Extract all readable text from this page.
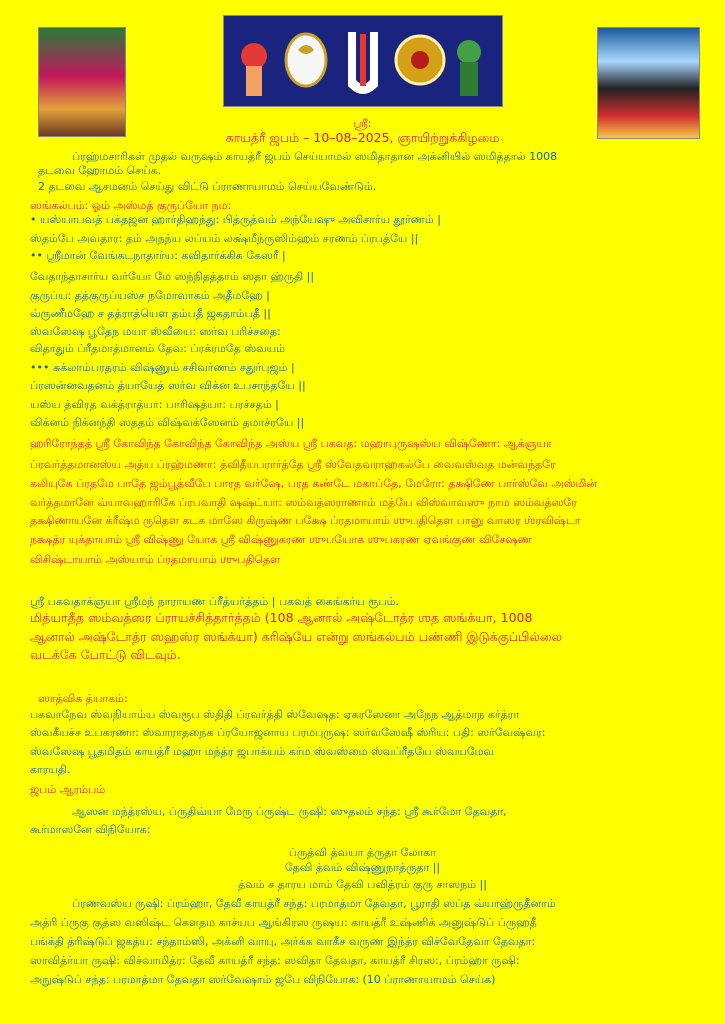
ஸ்ரீ:
காயத்ரீ ஜபம் – 10–08–2025, ஞாயிற்றுக்கிழமை
ப்ரஹ்மசாரிகள் முதல் வருஷம் காயத்ரீ ஜபம் செய்யாமல் ஸமிதாதான அக்னியில் ஸமித்தால் 1008
தடவை ஹோமம் செய்க.
2 தடவை ஆசமனம் செய்து விட்டு ப்ராணாயாமம் செய்யவேண்டும்.
ஸங்கல்பம்: ஓம் அஸ்மத் குருப்யோ நம:
• யஸ்யாபவத் பக்தஜன ஹார்திஹந்து: பித்ருத்வம் அந்யேஷு அவிசார்ய தூர்ணம் |
ஸ்தம்பே அவதார: தம் அநந்ய லப்யம் லக்ஷ்மீந்ருஸிம்ஹம் சரணம் ப்ரபத்யே ||
•• ஸ்ரீமான் வேங்கடநாதார்ய: கவிதார்க்கிக கேஸரீ |
வேதாந்தாசார்ய வர்யோ மே ஸந்நிதத்தாம் ஸதா ஹ்ருதி ||
குருப்ய: தத்குருப்யஸ்ச நமோவாகம் அதீமஹே |
வ்ருணீமஹே ச தத்ராத்யௌ தம்பதீ ஜகதாம்பதீ ||
ஸ்வஸேஷ பூதேந மயா ஸ்வீயை: ஸர்வ பரிச்சதை:
விதாதும் ப்ரீதமாத்மானம் தேவ: ப்ரக்ரமதே ஸ்வயம்
••• சுக்லாம்பரதரம் விஷ்ணும் சசிவர்ணம் சதுர்புஜம் |
ப்ரஸன்னவதனம் த்யாயேத் ஸர்வ விக்ன உபசாந்தயே ||
யஸ்ய த்விரத வக்த்ராத்யா: பாரிஷத்யா: பரச்சதம் |
விக்னம் நிக்னந்தி ஸததம் விஷ்வக்ஸேனம் தமாச்ரயே ||
ஹரிரோந்தத் ஸ்ரீ கோவிந்த கோவிந்த கோவிந்த அஸ்ய ஸ்ரீ பகவத: மஹாபுருஷஸ்ய விஷ்ணோ: ஆக்ஞயா
ப்ரவர்த்தமானஸ்ய அத்ய ப்ரஹ்மணா: த்விதீயபரார்த்தே ஸ்ரீ ஸ்வேதவராஹகல்பே வைவஸ்வத மன்வந்தரே
கலியுகே ப்ரதமே பாதே ஜம்பூத்வீபே பாரத வர்ஷே, பரத கண்டே மகாப்தே, மேரோ: தக்ஷிணே பார்ஸ்வே அஸ்மின்
வர்த்தமானே வ்யாவஹாரிகே ப்ரபவாதி ஷஷ்ட்யா: ஸம்வத்ஸராணாம் மத்யே விஸ்வாவஸு நாம ஸம்வத்ஸரே
தக்ஷிணாயனே க்ரீஷ்ம ருதௌ கடக மாஸே கிருஷ்ண பக்ஷே ப்ரதமாயாம் ஶுபதிதௌ பானு வாஸர ஶ்ரவிஷ்டா
நக்ஷத்ர யுக்தாயாம் ஸ்ரீ விஷ்ணு யோக ஸ்ரீ விஷ்ணுகரண ஶுபயோக ஶுபகரண ஏவங்குண விசேஷண
விசிஷ்டாயாம் அஸ்யாம் ப்ரதமாயாம் ஶுபதிதௌ
ஸ்ரீ பகவதாக்ஞயா ஸ்ரீமந் நாராயண ப்ரீத்யர்த்தம் | பகவத் கைங்கர்ய ரூபம்.
மித்யாதீத ஸம்வத்ஸர ப்ராயச்சித்தார்த்தம் (108 ஆனால் அஷ்டோத்ர ஶத ஸங்க்யா, 1008
ஆனால் அஷ்டோத்ர ஸஹஸ்ர ஸங்க்யா) கரிஷ்யே என்று ஸங்கல்பம் பண்ணி இடுக்குப்பில்லை
வடக்கே போட்டு விடவும்.
ஸாத்விக த்யாகம்:
பகவாநேவ ஸ்வநியாம்ய ஸ்வரூப ஸ்திதி ப்ரவர்த்தி ஸ்வேஷத: ஏகரஸேனா அநேந ஆத்மாந கர்த்ரா
ஸ்வகீயச்ச உபகரணா: ஸ்வாராதநைக ப்ரயோஜனாய பரமபுருஷ: ஸர்வஸேஷீ ஸ்ரிய: பதி: ஸர்வேஷ்வர:
ஸ்வஸேஷ பூதமிதம் காயத்ரீ மஹா மந்த்ர ஜபாக்யம் கர்ம ஸ்வஸ்மை ஸ்வப்ரீதயே ஸ்வயமேவ
காரயதி.
ஜபம் ஆரம்பம்
ஆஸன மந்த்ரஸ்ய, ப்ருதிவ்யா மேரு ப்ருஷ்ட ருஷி: ஸுதலம் சந்த: ஸ்ரீ கூர்மோ தேவதா,
கூர்மாஸனே விநியோக:
ப்ருத்வி த்வயா த்ருதா லோகா
தேவி த்வம் விஷ்ணுநாத்ருதா ||
த்வம் ச தாரய மாம் தேவி பவித்ரம் குரு சாஸநம் ||
ப்ரணவஸ்ய ருஷி: ப்ரம்ஹா, தேவீ காயத்ரீ சந்த: பரமாத்மா தேவதா, பூராதி ஸப்த வ்யாஹ்ருதீனாம்
அத்ரி ப்ருகு குத்ஸ வஸிஷ்ட கௌதம காச்யப ஆங்கிரஸ ருஷய: காயத்ரீ உஷ்ணிக் அனுஷ்டுப் ப்ருஹதீ
பங்க்தி த்ரிஷ்டுப் ஜகத்ய: சந்தாம்ஸி, அக்னி வாயு, அர்க்க வாகீச வருண இந்த்ர விச்வேதேவா தேவதா:
ஸாவித்ர்யா ருஷி: விச்வாமித்ர: தேவீ காயத்ரீ சந்த: ஸவிதா தேவதா, காயத்ரீ சிரஸ:, ப்ரம்ஹா ருஷி:
அநுஷ்டுப் சந்த: பரமாத்மா தேவதா ஸர்வேஷாம் ஜபே விநியோக: (10 ப்ராணாயாமம் செய்க)
